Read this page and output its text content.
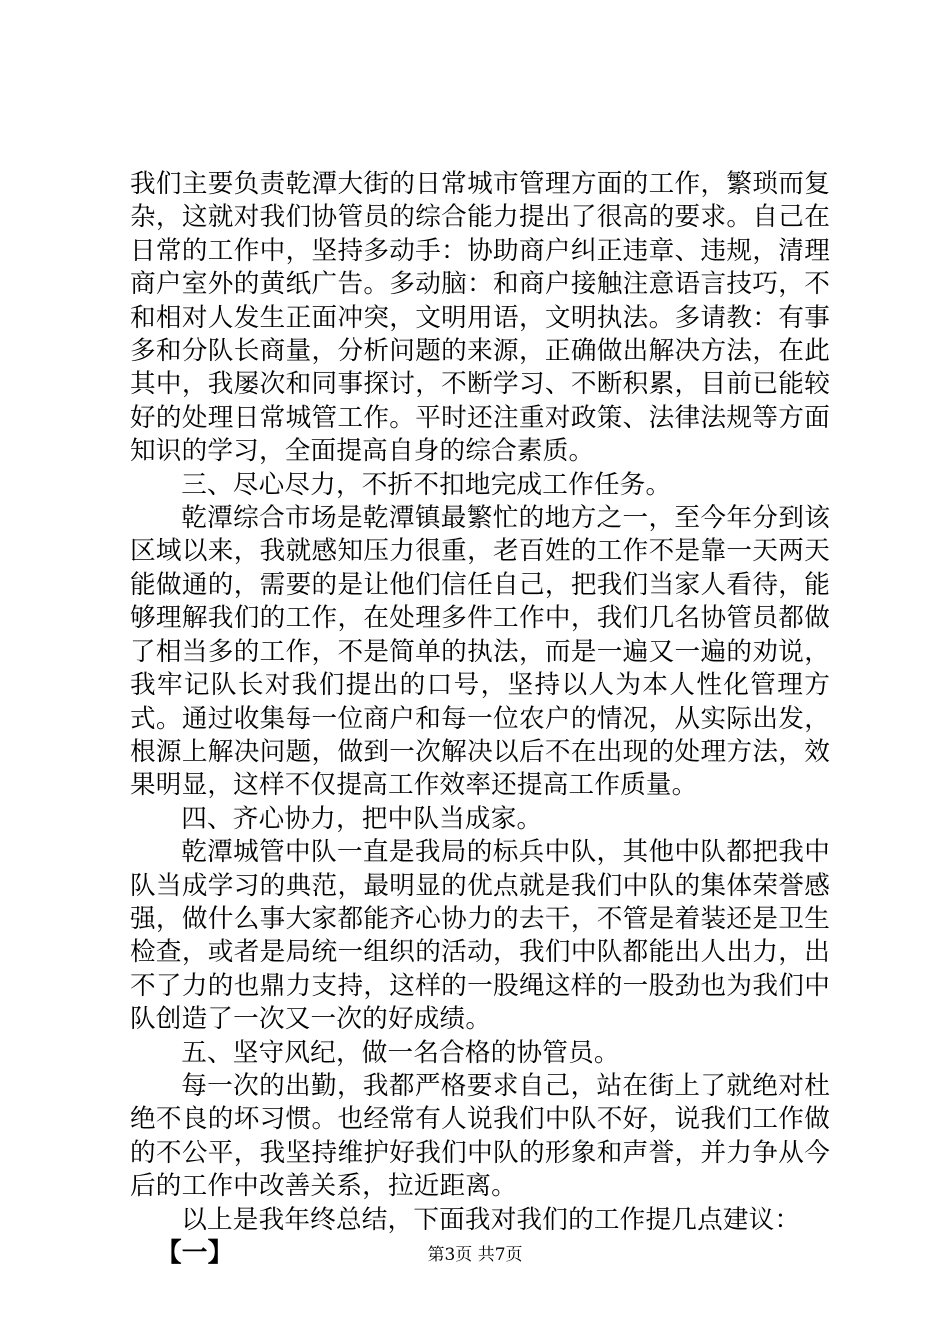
我们主要负责乾潭大街的日常城市管理方面的工作，繁琐而复杂，这就对我们协管员的综合能力提出了很高的要求。自己在日常的工作中，坚持多动手：协助商户纠正违章、违规，清理商户室外的黄纸广告。多动脑：和商户接触注意语言技巧，不和相对人发生正面冲突，文明用语，文明执法。多请教：有事多和分队长商量，分析问题的来源，正确做出解决方法，在此其中，我屡次和同事探讨，不断学习、不断积累，目前已能较好的处理日常城管工作。平时还注重对政策、法律法规等方面知识的学习，全面提高自身的综合素质。

三、尽心尽力，不折不扣地完成工作任务。

乾潭综合市场是乾潭镇最繁忙的地方之一，至今年分到该区域以来，我就感知压力很重，老百姓的工作不是靠一天两天能做通的，需要的是让他们信任自己，把我们当家人看待，能够理解我们的工作，在处理多件工作中，我们几名协管员都做了相当多的工作，不是简单的执法，而是一遍又一遍的劝说，我牢记队长对我们提出的口号，坚持以人为本人性化管理方式。通过收集每一位商户和每一位农户的情况，从实际出发，根源上解决问题，做到一次解决以后不在出现的处理方法，效果明显，这样不仅提高工作效率还提高工作质量。

四、齐心协力，把中队当成家。

乾潭城管中队一直是我局的标兵中队，其他中队都把我中队当成学习的典范，最明显的优点就是我们中队的集体荣誉感强，做什么事大家都能齐心协力的去干，不管是着装还是卫生检查，或者是局统一组织的活动，我们中队都能出人出力，出不了力的也鼎力支持，这样的一股绳这样的一股劲也为我们中队创造了一次又一次的好成绩。

五、坚守风纪，做一名合格的协管员。

每一次的出勤，我都严格要求自己，站在街上了就绝对杜绝不良的坏习惯。也经常有人说我们中队不好，说我们工作做的不公平，我坚持维护好我们中队的形象和声誉，并力争从今后的工作中改善关系，拉近距离。

以上是我年终总结，下面我对我们的工作提几点建议：

【一】	第3页 共7页
